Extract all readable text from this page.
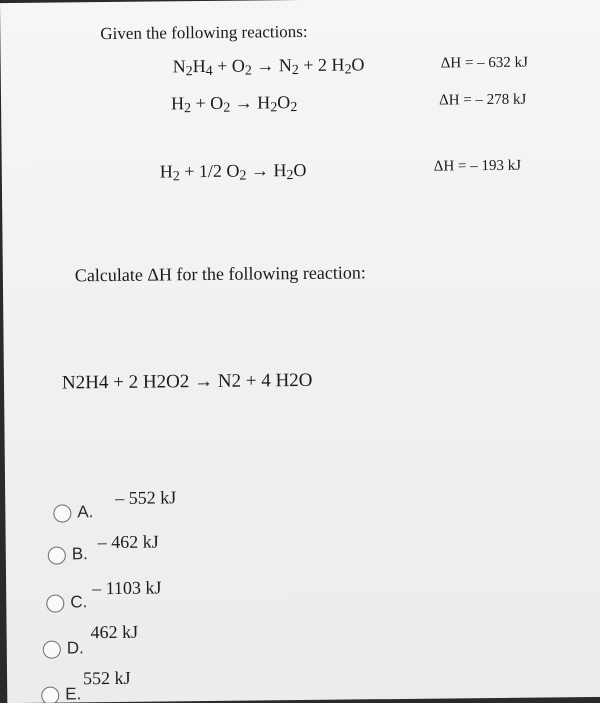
Given the following reactions:
$N_2H_4 + O_2 \to N_2 + 2$ $H_2O$	ΔH = – 632 kJ
$H_2 + O_2 \to H_2O_2$	ΔH = – 278 kJ
$H_2 + 1/2$ $O_2 \to H_2O$	ΔH = – 193 kJ
Calculate ΔH for the following reaction:
N2H4 + 2 H2O2 → N2 + 4 H2O
A.
– 552 kJ
B.
– 462 kJ
C.
– 1103 kJ
D.
462 kJ
E.
552 kJ
